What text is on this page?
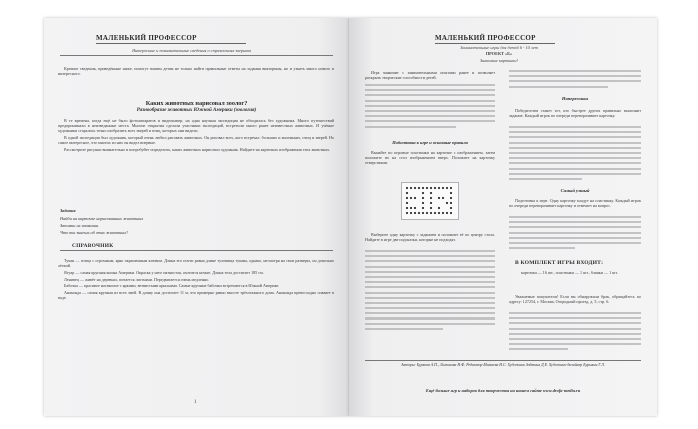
МАЛЕНЬКИЙ ПРОФЕССОР
Интересные и познавательные сведения о стремлениях зверьков

Краткие сведения, приведённые ниже, помогут вашим детям не только найти правильные ответы на задания викторины, но и узнать много нового и интересного.

Каких животных нарисовал зоолог?
Разнообразие животных Южной Америки (зоология)

В те времена, когда ещё не было фотоаппаратов и видеокамер, на одна научная экспедиция не обходилась без художника. Много путешествий предпринимали в неизведанные места. Многие открытия сделали участники экспедиций, встретили много ранее неизвестных животных. И учёные художники старались точно изобразить всех зверей и птиц, которых они видели.

В одной экспедиции был художник, который очень любил рисовать животных. Он рисовал всех, кого встречал: больших и маленьких, птиц и зверей. Но самое интересное, что многих из них он видел впервые.

Рассмотрите рисунки внимательно и попробуйте определить, каких животных нарисовал художник. Найдите на карточках изображения этих животных.

Задания
Найди на карточке нарисованных животных
Запомни их названия.
Что ты знаешь об этих животных?
СПРАВОЧНИК

Тукан — птица с огромным, ярко окрашенным клювом. Длина его почти равна длине туловища тукана, однако, несмотря на свои размеры, он довольно лёгкий.

Ягуар — самая крупная кошка Америки. Окраска у него пятнистая, охотится ночью. Длина тела достигает 185 см.

Ленивец — живёт на деревьях, питается листьями. Передвигается очень медленно.

Бабочка — красивое насекомое с яркими, ветвистыми крыльями. Самые крупные бабочки встречаются в Южной Америке.

Анаконда — самая крупная из всех змей. В длину она достигает 11 м, что примерно равно высоте трёхэтажного дома. Анаконда превосходно плавает в воде.

1
МАЛЕНЬКИЙ ПРОФЕССОР
Занимательные игры для детей 6 - 10 лет
ПРОЕКТ «Б»
Знакомые картинки!

Игра знакомит с занимательными опытами ранее и позволяет раскрыть творческие способности детей.

Подготовка к игре и основные правила

Вынайте по игровые пластинки на карточке с изображением, затем положите их на стол изображением вверх. Положите на карточку отверстиями.

Выберите одну карточку с заданием и положите её по центру стола. Найдите в игре две подсказки, которые не подходят.

Наперегонки

Победителем станет тот, кто быстрее других правильно выполнит задание. Каждый игрок по очереди переворачивает карточку.

Самый умный

Подготовка к игре. Одну карточку кладут на пластинку. Каждый игрок по очереди переворачивает карточку и отвечает на вопрос.

В КОМПЛЕКТ ИГРЫ ВХОДИТ:

карточки — 16 шт., пластинки — 1 шт., бланки — 1 шт.

Уважаемые покупатели! Если вы обнаружили брак, обращайтесь по адресу: 127254, г. Москва, Огородный проезд, д. 5, стр. 6.

Авторы: Буркова А.П., Ламонова Н.Ф. Редактор Мамаева И.С. Художник Зобтина Д.Е. Художник-дизайнер Бурыкин Г.Л.
Ещё больше игр и наборов для творчества на нашем сайте www.drofa-media.ru
